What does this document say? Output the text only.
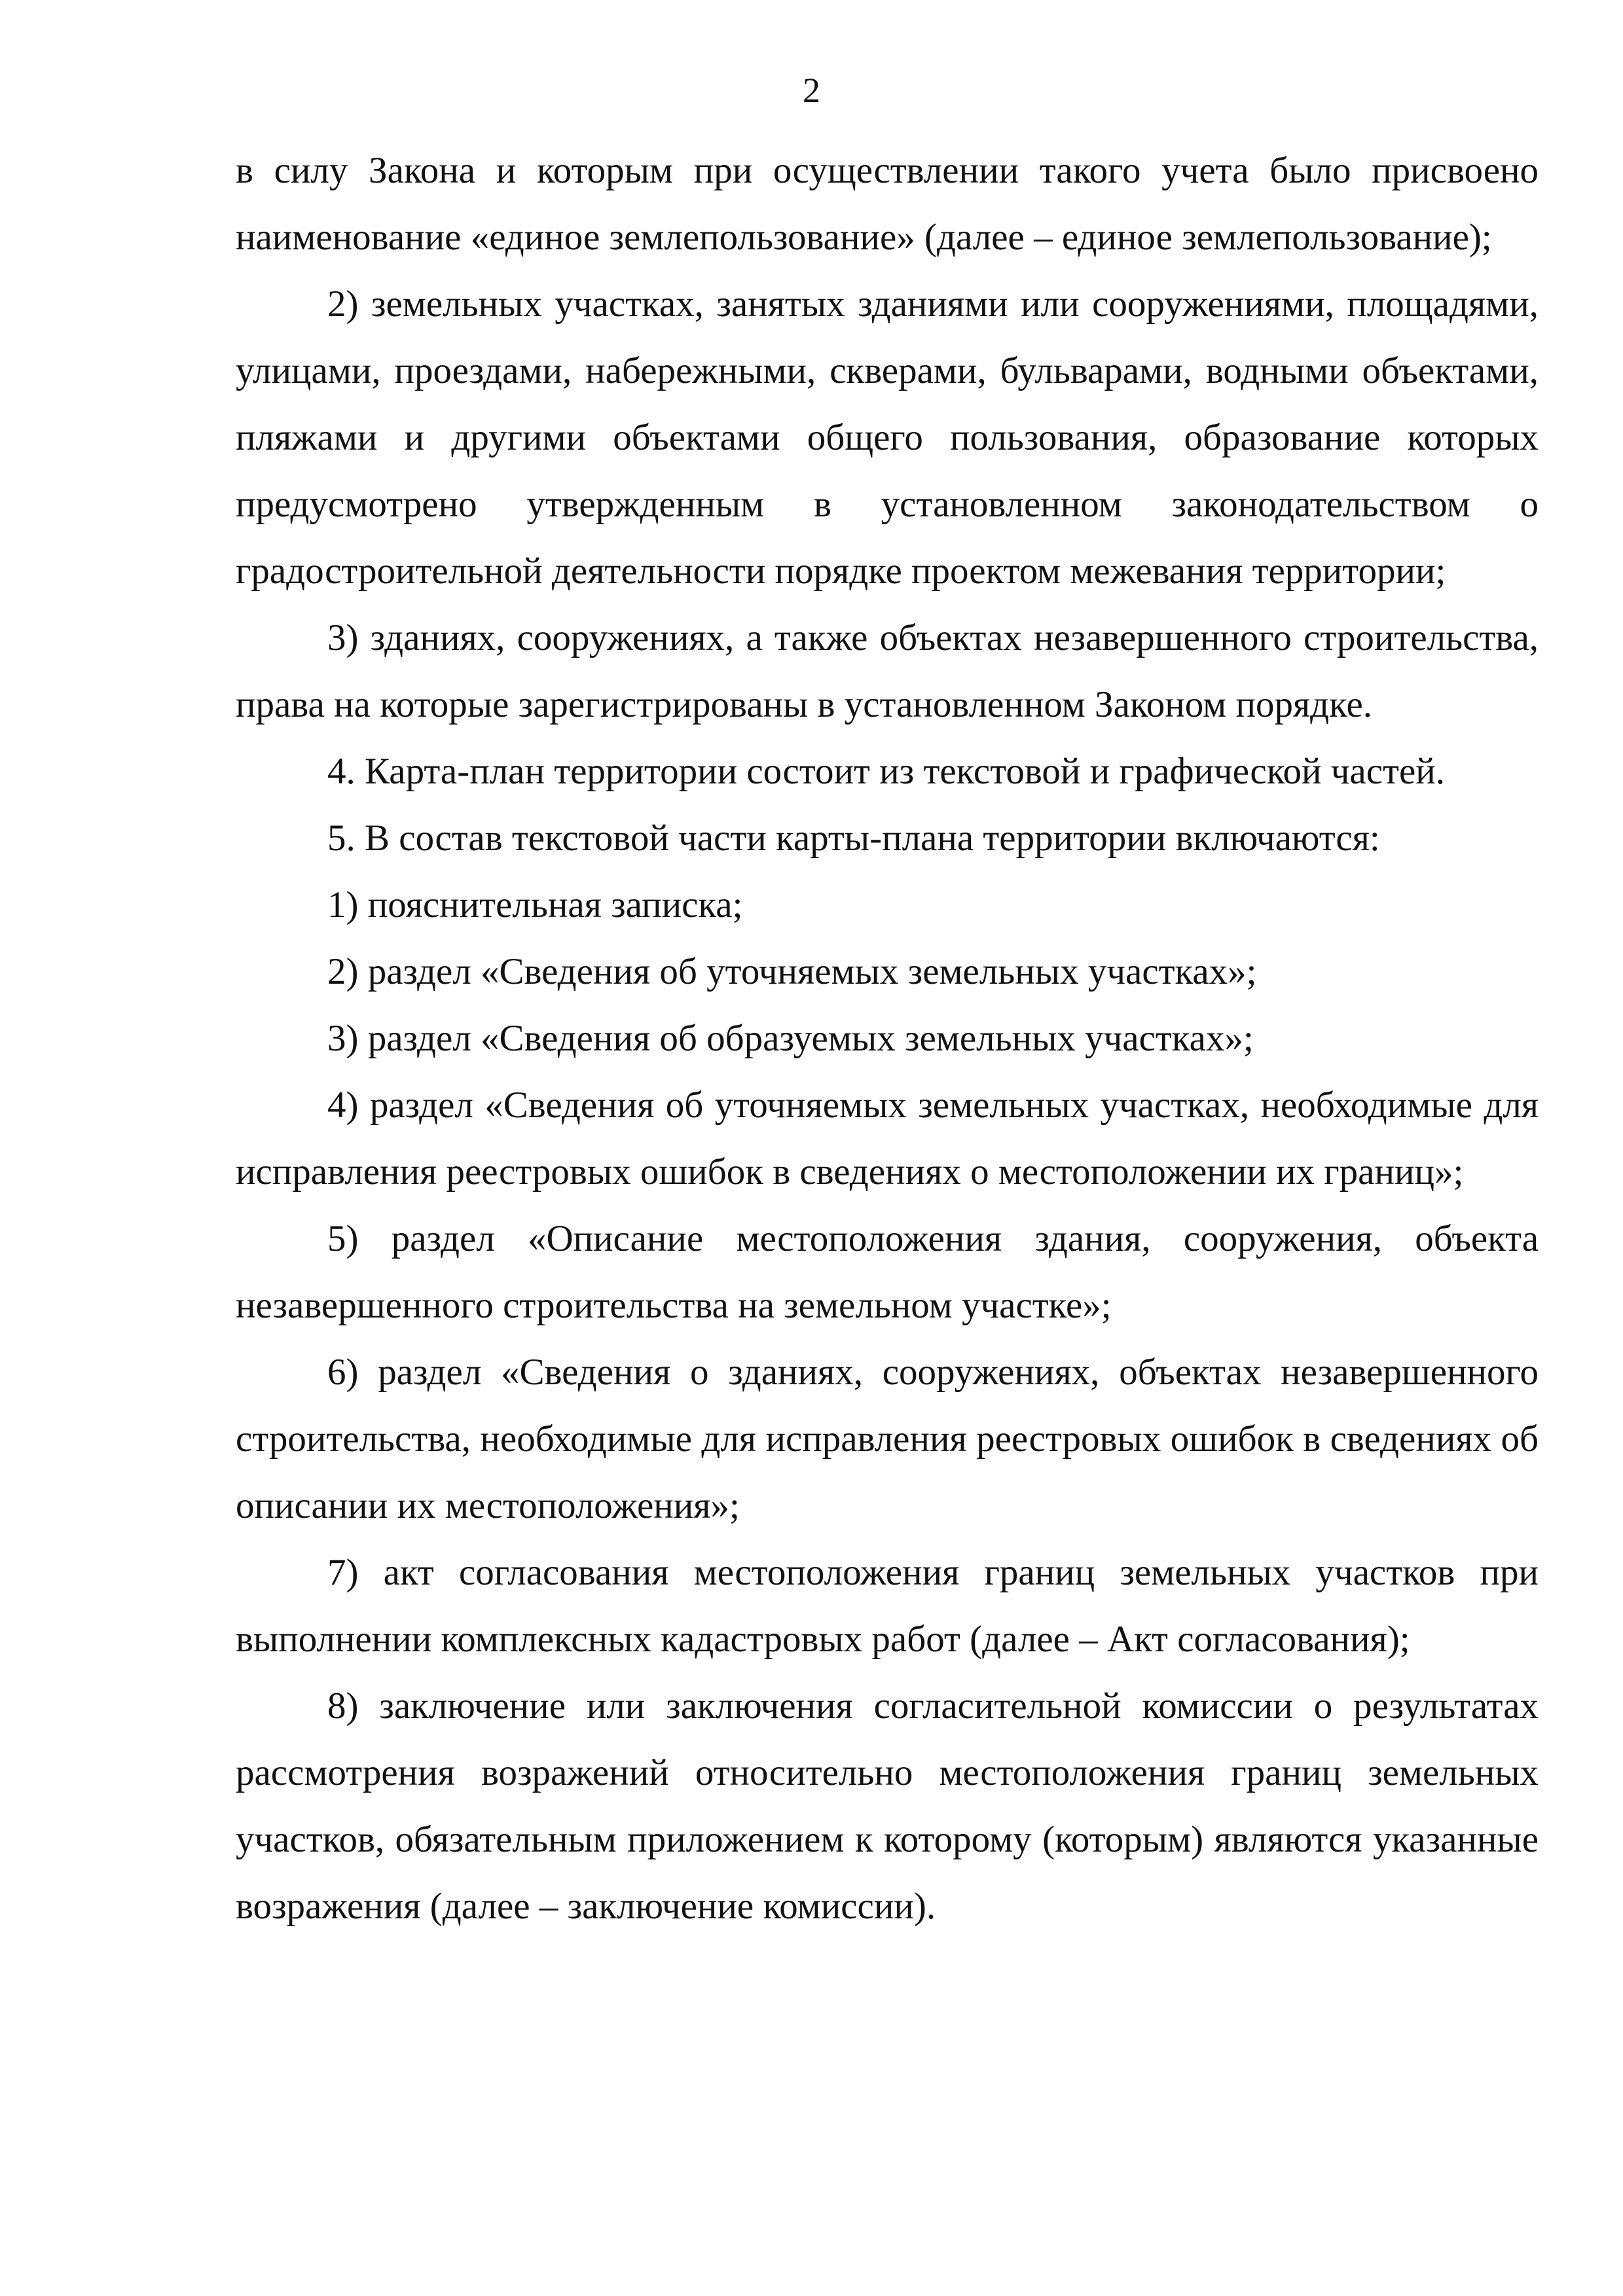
2

в силу Закона и которым при осуществлении такого учета было присвоено наименование «единое землепользование» (далее – единое землепользование);

2) земельных участках, занятых зданиями или сооружениями, площадями, улицами, проездами, набережными, скверами, бульварами, водными объектами, пляжами и другими объектами общего пользования, образование которых предусмотрено утвержденным в установленном законодательством о градостроительной деятельности порядке проектом межевания территории;

3) зданиях, сооружениях, а также объектах незавершенного строительства, права на которые зарегистрированы в установленном Законом порядке.

4. Карта-план территории состоит из текстовой и графической частей.

5. В состав текстовой части карты-плана территории включаются:

1) пояснительная записка;

2) раздел «Сведения об уточняемых земельных участках»;

3) раздел «Сведения об образуемых земельных участках»;

4) раздел «Сведения об уточняемых земельных участках, необходимые для исправления реестровых ошибок в сведениях о местоположении их границ»;

5) раздел «Описание местоположения здания, сооружения, объекта незавершенного строительства на земельном участке»;

6) раздел «Сведения о зданиях, сооружениях, объектах незавершенного строительства, необходимые для исправления реестровых ошибок в сведениях об описании их местоположения»;

7) акт согласования местоположения границ земельных участков при выполнении комплексных кадастровых работ (далее – Акт согласования);

8) заключение или заключения согласительной комиссии о результатах рассмотрения возражений относительно местоположения границ земельных участков, обязательным приложением к которому (которым) являются указанные возражения (далее – заключение комиссии).
